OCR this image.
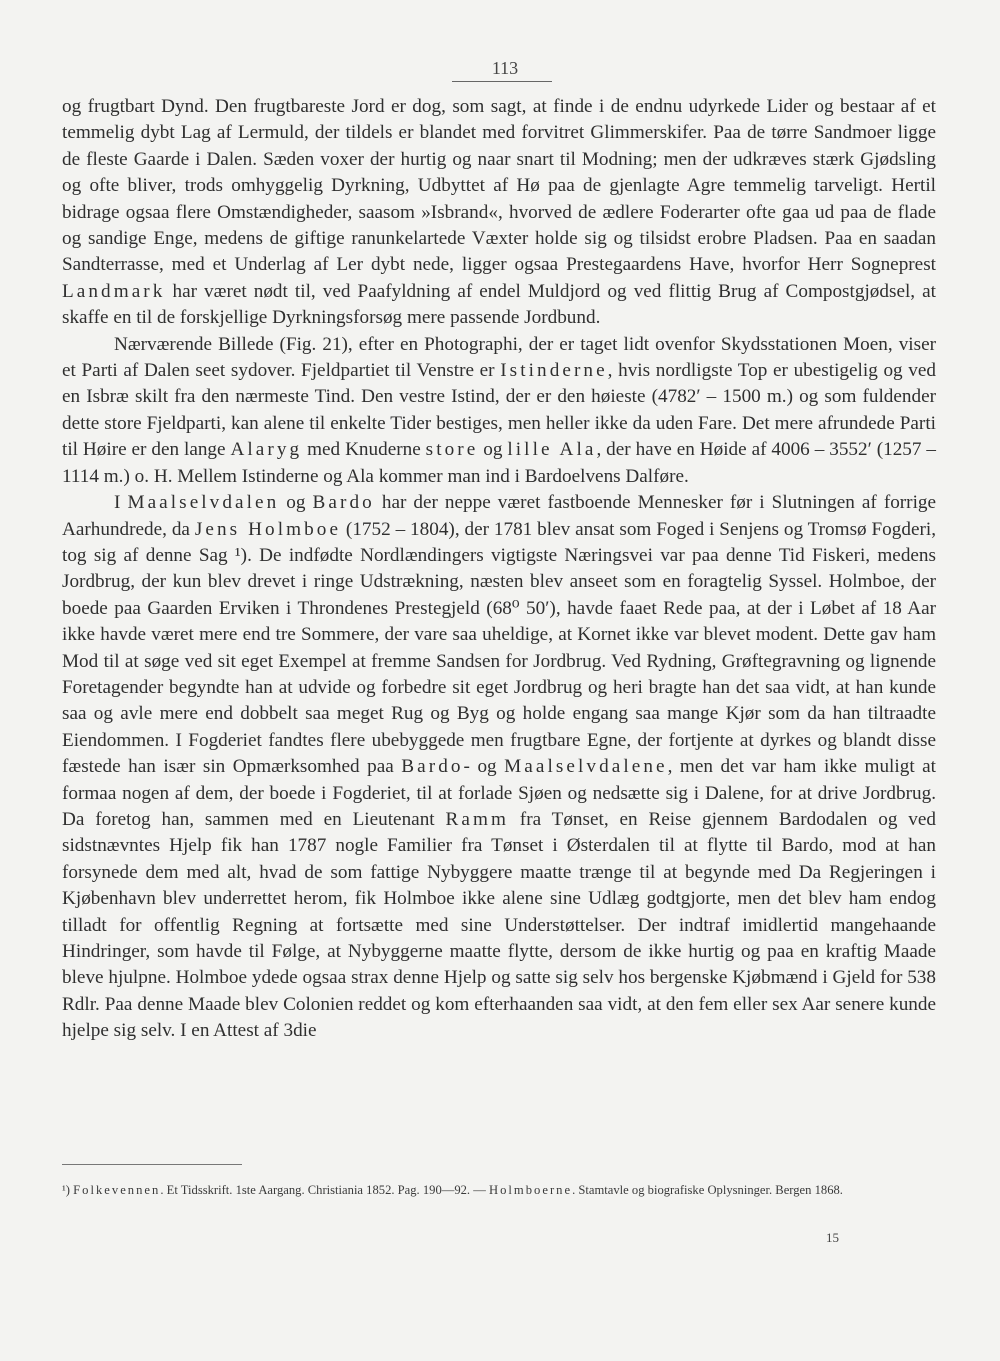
113

og frugtbart Dynd. Den frugtbareste Jord er dog, som sagt, at finde i de endnu udyrkede Lider og bestaar af et temmelig dybt Lag af Lermuld, der tildels er blandet med forvitret Glimmerskifer. Paa de tørre Sandmoer ligge de fleste Gaarde i Dalen. Sæden voxer der hurtig og naar snart til Modning; men der udkræves stærk Gjødsling og ofte bliver, trods omhyggelig Dyrkning, Udbyttet af Hø paa de gjenlagte Agre temmelig tarveligt. Hertil bidrage ogsaa flere Omstændigheder, saasom »Isbrand«, hvorved de ædlere Foderarter ofte gaa ud paa de flade og sandige Enge, medens de giftige ranunkelartede Væxter holde sig og tilsidst erobre Pladsen. Paa en saadan Sandterrasse, med et Underlag af Ler dybt nede, ligger ogsaa Prestegaardens Have, hvorfor Herr Sogneprest Landmark har været nødt til, ved Paafyldning af endel Muldjord og ved flittig Brug af Compostgjødsel, at skaffe en til de forskjellige Dyrkningsforsøg mere passende Jordbund.

Nærværende Billede (Fig. 21), efter en Photographi, der er taget lidt ovenfor Skydsstationen Moen, viser et Parti af Dalen seet sydover. Fjeldpartiet til Venstre er Istinderne, hvis nordligste Top er ubestigelig og ved en Isbræ skilt fra den nærmeste Tind. Den vestre Istind, der er den høieste (4782′ – 1500 m.) og som fuldender dette store Fjeldparti, kan alene til enkelte Tider bestiges, men heller ikke da uden Fare. Det mere afrundede Parti til Høire er den lange Alaryg med Knuderne store og lille Ala, der have en Høide af 4006 – 3552′ (1257 – 1114 m.) o. H. Mellem Istinderne og Ala kommer man ind i Bardoelvens Dalføre.

I Maalselvdalen og Bardo har der neppe været fastboende Mennesker før i Slutningen af forrige Aarhundrede, da Jens Holmboe (1752 – 1804), der 1781 blev ansat som Foged i Senjens og Tromsø Fogderi, tog sig af denne Sag ¹). De indfødte Nordlændingers vigtigste Næringsvei var paa denne Tid Fiskeri, medens Jordbrug, der kun blev drevet i ringe Udstrækning, næsten blev anseet som en foragtelig Syssel. Holmboe, der boede paa Gaarden Erviken i Throndenes Prestegjeld (68⁰ 50′), havde faaet Rede paa, at der i Løbet af 18 Aar ikke havde været mere end tre Sommere, der vare saa uheldige, at Kornet ikke var blevet modent. Dette gav ham Mod til at søge ved sit eget Exempel at fremme Sandsen for Jordbrug. Ved Rydning, Grøftegravning og lignende Foretagender begyndte han at udvide og forbedre sit eget Jordbrug og heri bragte han det saa vidt, at han kunde saa og avle mere end dobbelt saa meget Rug og Byg og holde engang saa mange Kjør som da han tiltraadte Eiendommen. I Fogderiet fandtes flere ubebyggede men frugtbare Egne, der fortjente at dyrkes og blandt disse fæstede han især sin Opmærksomhed paa Bardo- og Maalselvdalene, men det var ham ikke muligt at formaa nogen af dem, der boede i Fogderiet, til at forlade Sjøen og nedsætte sig i Dalene, for at drive Jordbrug. Da foretog han, sammen med en Lieutenant Ramm fra Tønset, en Reise gjennem Bardodalen og ved sidstnævntes Hjelp fik han 1787 nogle Familier fra Tønset i Østerdalen til at flytte til Bardo, mod at han forsynede dem med alt, hvad de som fattige Nybyggere maatte trænge til at begynde med Da Regjeringen i Kjøbenhavn blev underrettet herom, fik Holmboe ikke alene sine Udlæg godtgjorte, men det blev ham endog tilladt for offentlig Regning at fortsætte med sine Understøttelser. Der indtraf imidlertid mangehaande Hindringer, som havde til Følge, at Nybyggerne maatte flytte, dersom de ikke hurtig og paa en kraftig Maade bleve hjulpne. Holmboe ydede ogsaa strax denne Hjelp og satte sig selv hos bergenske Kjøbmænd i Gjeld for 538 Rdlr. Paa denne Maade blev Colonien reddet og kom efterhaanden saa vidt, at den fem eller sex Aar senere kunde hjelpe sig selv. I en Attest af 3die

¹) Folkevennen. Et Tidsskrift. 1ste Aargang. Christiania 1852. Pag. 190—92. — Holmboerne. Stamtavle og biografiske Oplysninger. Bergen 1868.
15
